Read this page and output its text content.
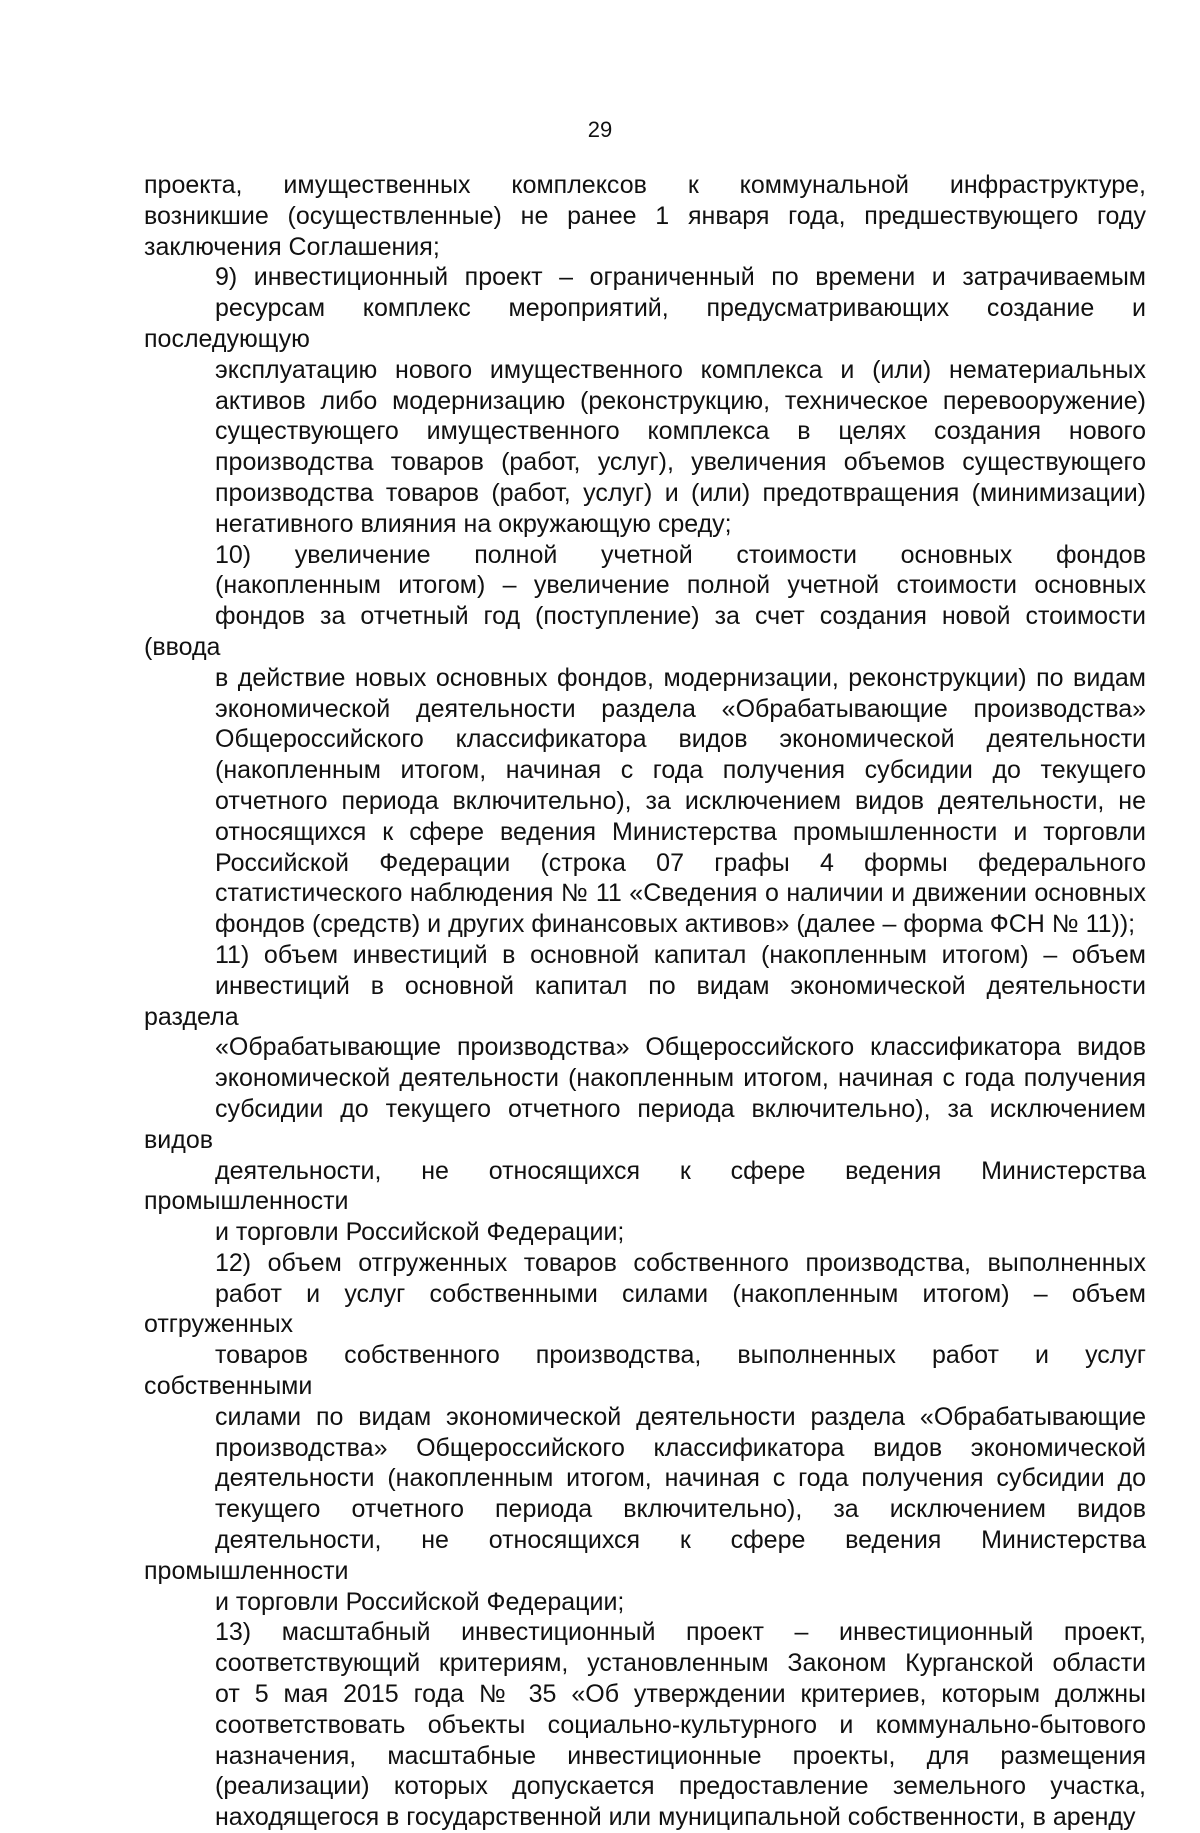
29
проекта, имущественных комплексов к коммунальной инфраструктуре,
возникшие (осуществленные) не ранее 1 января года, предшествующего году
заключения Соглашения;
9) инвестиционный проект – ограниченный по времени и затрачиваемым
ресурсам комплекс мероприятий, предусматривающих создание и последующую
эксплуатацию нового имущественного комплекса и (или) нематериальных
активов либо модернизацию (реконструкцию, техническое перевооружение)
существующего имущественного комплекса в целях создания нового
производства товаров (работ, услуг), увеличения объемов существующего
производства товаров (работ, услуг) и (или) предотвращения (минимизации)
негативного влияния на окружающую среду;
10) увеличение полной учетной стоимости основных фондов
(накопленным итогом) – увеличение полной учетной стоимости основных
фондов за отчетный год (поступление) за счет создания новой стоимости (ввода
в действие новых основных фондов, модернизации, реконструкции) по видам
экономической деятельности раздела «Обрабатывающие производства»
Общероссийского классификатора видов экономической деятельности
(накопленным итогом, начиная с года получения субсидии до текущего
отчетного периода включительно), за исключением видов деятельности, не
относящихся к сфере ведения Министерства промышленности и торговли
Российской Федерации (строка 07 графы 4 формы федерального
статистического наблюдения № 11 «Сведения о наличии и движении основных
фондов (средств) и других финансовых активов» (далее – форма ФСН № 11));
11) объем инвестиций в основной капитал (накопленным итогом) – объем
инвестиций в основной капитал по видам экономической деятельности раздела
«Обрабатывающие производства» Общероссийского классификатора видов
экономической деятельности (накопленным итогом, начиная с года получения
субсидии до текущего отчетного периода включительно), за исключением видов
деятельности, не относящихся к сфере ведения Министерства промышленности
и торговли Российской Федерации;
12) объем отгруженных товаров собственного производства, выполненных
работ и услуг собственными силами (накопленным итогом) – объем отгруженных
товаров собственного производства, выполненных работ и услуг собственными
силами по видам экономической деятельности раздела «Обрабатывающие
производства» Общероссийского классификатора видов экономической
деятельности (накопленным итогом, начиная с года получения субсидии до
текущего отчетного периода включительно), за исключением видов
деятельности, не относящихся к сфере ведения Министерства промышленности
и торговли Российской Федерации;
13) масштабный инвестиционный проект – инвестиционный проект,
соответствующий критериям, установленным Законом Курганской области
от 5 мая 2015 года № 35 «Об утверждении критериев, которым должны
соответствовать объекты социально-культурного и коммунально-бытового
назначения, масштабные инвестиционные проекты, для размещения
(реализации) которых допускается предоставление земельного участка,
находящегося в государственной или муниципальной собственности, в аренду
